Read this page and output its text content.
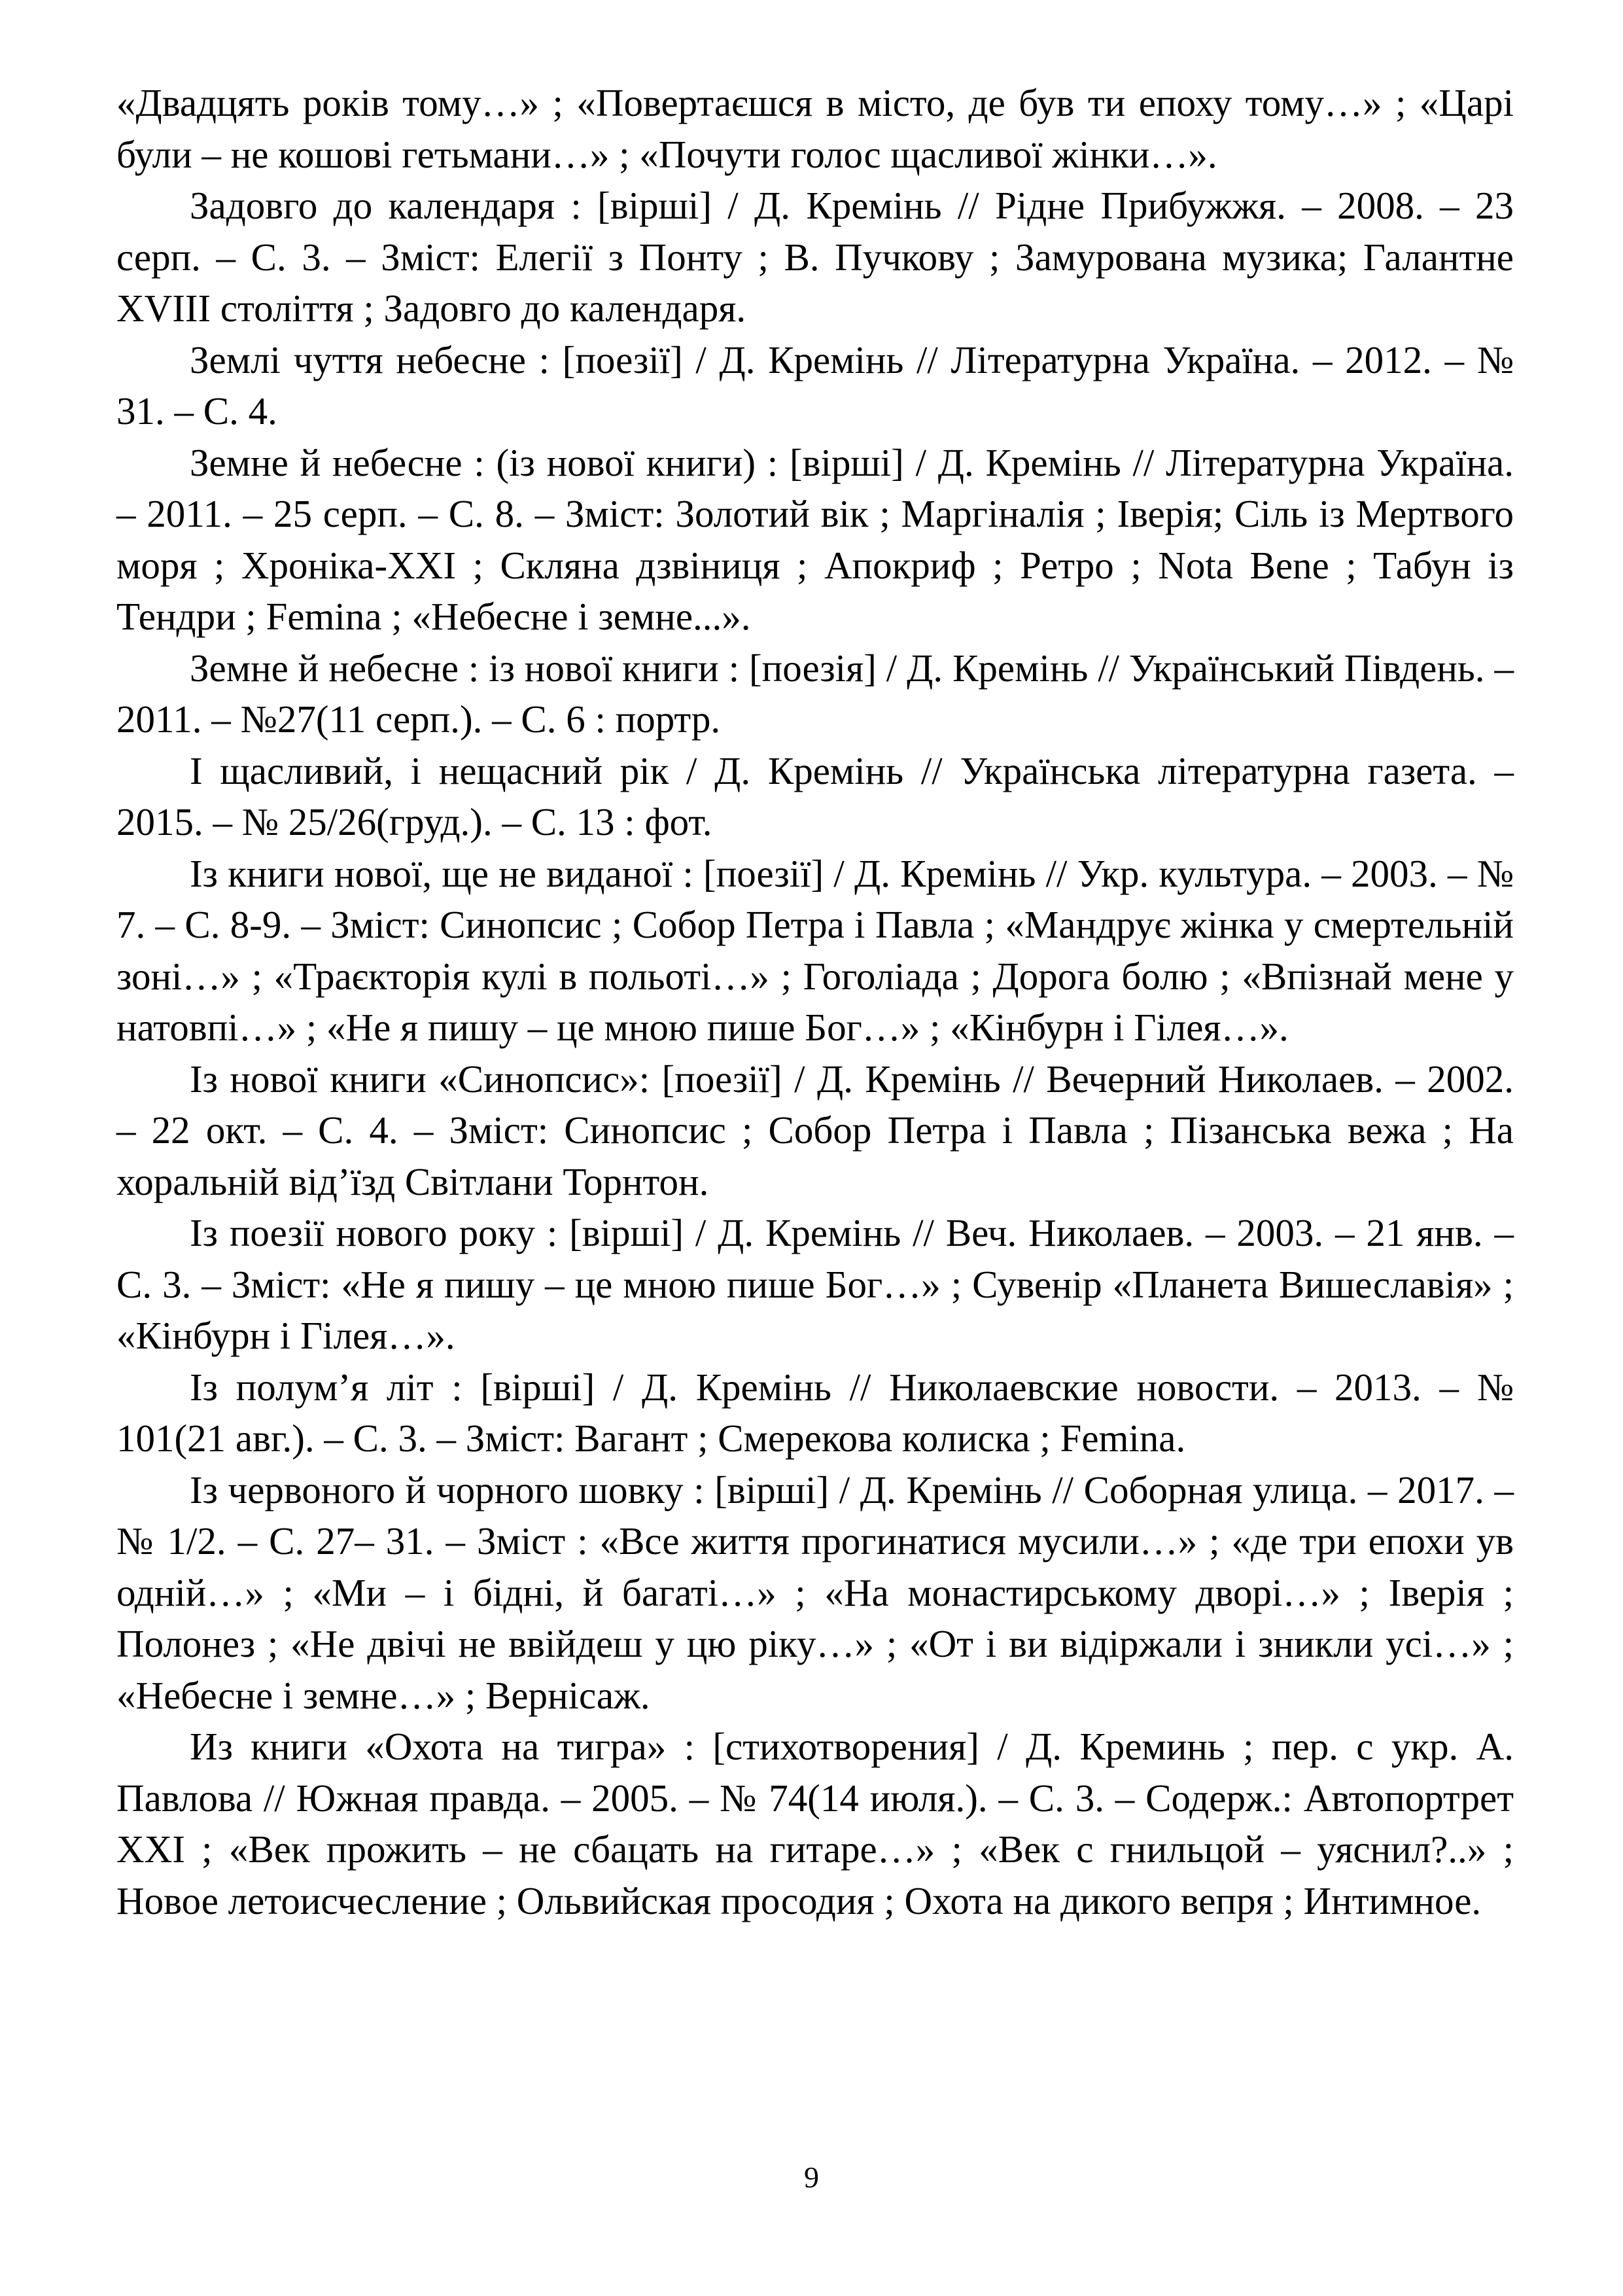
«Двадцять років тому…» ; «Повертаєшся в місто, де був ти епоху тому…» ; «Царі були – не кошові гетьмани…» ; «Почути голос щасливої жінки…».

Задовго до календаря : [вірші] / Д. Кремінь // Рідне Прибужжя. – 2008. – 23 серп. – С. 3. – Зміст: Елегії з Понту ; В. Пучкову ; Замурована музика; Галантне XVIII століття ; Задовго до календаря.

Землі чуття небесне : [поезії] / Д. Кремінь // Літературна Україна. – 2012. – № 31. – С. 4.

Земне й небесне : (із нової книги) : [вірші] / Д. Кремінь // Літературна Україна. – 2011. – 25 серп. – С. 8. – Зміст: Золотий вік ; Маргіналія ; Іверія; Сіль із Мертвого моря ; Хроніка-XXI ; Скляна дзвіниця ; Апокриф ; Ретро ; Nota Bene ; Табун із Тендри ; Femina ; «Небесне і земне...».

Земне й небесне : із нової книги : [поезія] / Д. Кремінь // Український Південь. – 2011. – №27(11 серп.). – С. 6 : портр.

І щасливий, і нещасний рік / Д. Кремінь // Українська літературна газета. – 2015. – № 25/26(груд.). – С. 13 : фот.

Із книги нової, ще не виданої : [поезії] / Д. Кремінь // Укр. культура. – 2003. – № 7. – С. 8-9. – Зміст: Синопсис ; Собор Петра і Павла ; «Мандрує жінка у смертельній зоні…» ; «Траєкторія кулі в польоті…» ; Гоголіада ; Дорога болю ; «Впізнай мене у натовпі…» ; «Не я пишу – це мною пише Бог…» ; «Кінбурн і Гілея…».

Із нової книги «Синопсис»: [поезії] / Д. Кремінь // Вечерний Николаев. – 2002. – 22 окт. – С. 4. – Зміст: Синопсис ; Собор Петра і Павла ; Пізанська вежа ; На хоральній від’їзд Світлани Торнтон.

Із поезії нового року : [вірші] / Д. Кремінь // Веч. Николаев. – 2003. – 21 янв. – С. 3. – Зміст: «Не я пишу – це мною пише Бог…» ; Сувенір «Планета Вишеславія» ; «Кінбурн і Гілея…».

Із полум’я літ : [вірші] / Д. Кремінь // Николаевские новости. – 2013. – № 101(21 авг.). – С. 3. – Зміст: Вагант ; Смерекова колиска ; Femina.

Із червоного й чорного шовку : [вірші] / Д. Кремінь // Соборная улица. – 2017. – № 1/2. – С. 27– 31. – Зміст : «Все життя прогинатися мусили…» ; «де три епохи ув одній…» ; «Ми – і бідні, й багаті…» ; «На монастирському дворі…» ; Іверія ; Полонез ; «Не двічі не ввійдеш у цю ріку…» ; «От і ви відіржали і зникли усі…» ; «Небесне і земне…» ; Вернісаж.

Из книги «Охота на тигра» : [стихотворения] / Д. Креминь ; пер. с укр. А. Павлова // Южная правда. – 2005. – № 74(14 июля.). – С. 3. – Содерж.: Автопортрет XXI ; «Век прожить – не сбацать на гитаре…» ; «Век с гнильцой – уяснил?..» ; Новое летоисчесление ; Ольвийская просодия ; Охота на дикого вепря ; Интимное.

9
